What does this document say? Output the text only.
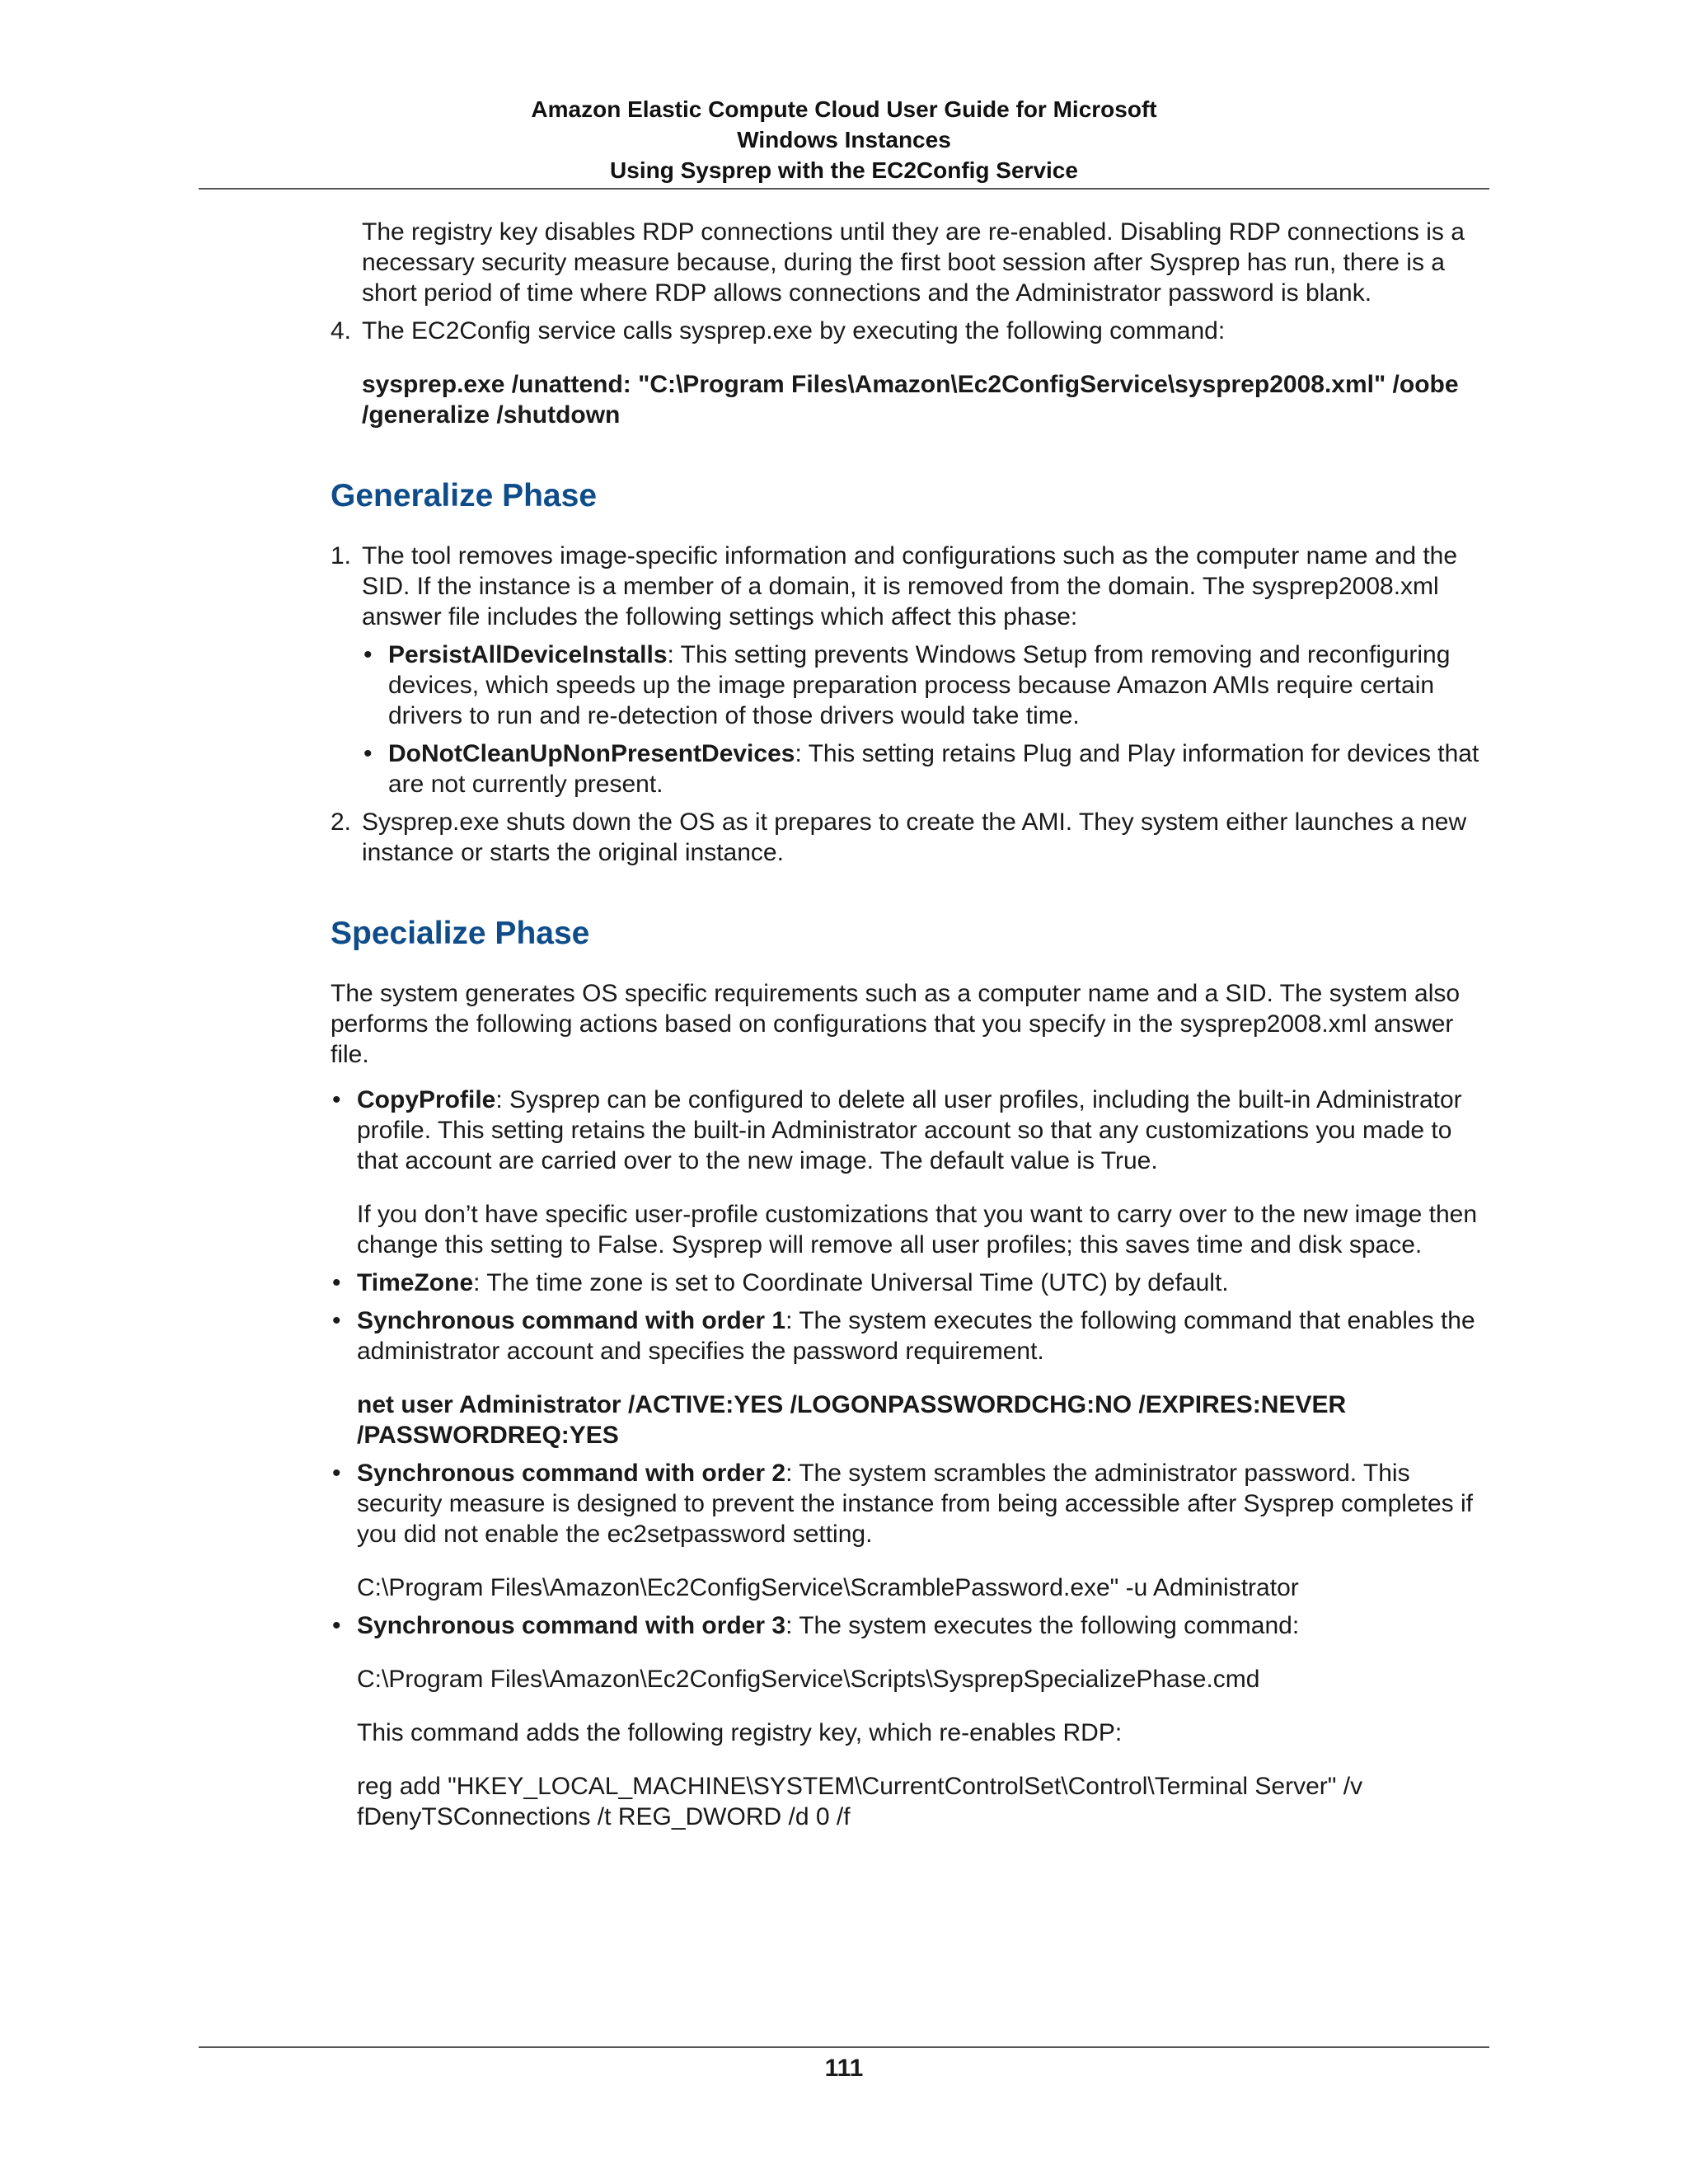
Amazon Elastic Compute Cloud User Guide for Microsoft
Windows Instances
Using Sysprep with the EC2Config Service

The registry key disables RDP connections until they are re-enabled. Disabling RDP connections is a necessary security measure because, during the first boot session after Sysprep has run, there is a short period of time where RDP allows connections and the Administrator password is blank.

4. The EC2Config service calls sysprep.exe by executing the following command:

sysprep.exe /unattend: "C:\Program Files\Amazon\Ec2ConfigService\sysprep2008.xml" /oobe /generalize /shutdown

Generalize Phase
1. The tool removes image-specific information and configurations such as the computer name and the SID. If the instance is a member of a domain, it is removed from the domain. The sysprep2008.xml answer file includes the following settings which affect this phase:
• PersistAllDeviceInstalls: This setting prevents Windows Setup from removing and reconfiguring devices, which speeds up the image preparation process because Amazon AMIs require certain drivers to run and re-detection of those drivers would take time.
• DoNotCleanUpNonPresentDevices: This setting retains Plug and Play information for devices that are not currently present.
2. Sysprep.exe shuts down the OS as it prepares to create the AMI. They system either launches a new instance or starts the original instance.
Specialize Phase

The system generates OS specific requirements such as a computer name and a SID. The system also performs the following actions based on configurations that you specify in the sysprep2008.xml answer file.

• CopyProfile: Sysprep can be configured to delete all user profiles, including the built-in Administrator profile. This setting retains the built-in Administrator account so that any customizations you made to that account are carried over to the new image. The default value is True.

If you don’t have specific user-profile customizations that you want to carry over to the new image then change this setting to False. Sysprep will remove all user profiles; this saves time and disk space.

• TimeZone: The time zone is set to Coordinate Universal Time (UTC) by default.
• Synchronous command with order 1: The system executes the following command that enables the administrator account and specifies the password requirement.

net user Administrator /ACTIVE:YES /LOGONPASSWORDCHG:NO /EXPIRES:NEVER /PASSWORDREQ:YES

• Synchronous command with order 2: The system scrambles the administrator password. This security measure is designed to prevent the instance from being accessible after Sysprep completes if you did not enable the ec2setpassword setting.

C:\Program Files\Amazon\Ec2ConfigService\ScramblePassword.exe" -u Administrator

• Synchronous command with order 3: The system executes the following command:

C:\Program Files\Amazon\Ec2ConfigService\Scripts\SysprepSpecializePhase.cmd

This command adds the following registry key, which re-enables RDP:

reg add "HKEY_LOCAL_MACHINE\SYSTEM\CurrentControlSet\Control\Terminal Server" /v fDenyTSConnections /t REG_DWORD /d 0 /f

111
